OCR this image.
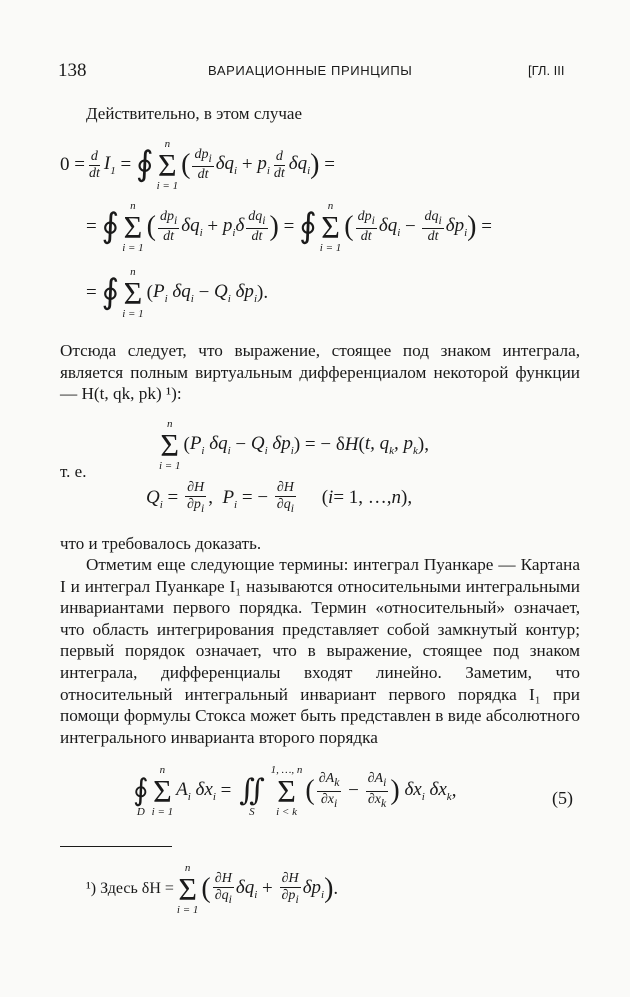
138	ВАРИАЦИОННЫЕ ПРИНЦИПЫ	[ГЛ. III
Действительно, в этом случае
$0 = \frac{d}{dt} I_1$ = ∮
n
Σ
i = 1
( $\frac{dp_i}{dt} \delta q_i + p_i \frac{d}{dt} \delta q_i$ ) =
= ∮
n
Σ
i = 1
( $\frac{dp_i}{dt} \delta q_i + p_i\delta \frac{dq_i}{dt}$ ) = ∮
n
Σ
i = 1
( $\frac{dp_i}{dt} \delta q_i - \frac{dq_i}{dt} \delta p_i$ ) =
= ∮
n
Σ
i = 1
( $P_i$ $\delta q_i - Q_i$ $\delta p_i$ ).
Отсюда следует, что выражение, стоящее под знаком интеграла, является полным виртуальным дифференциалом некоторой функции — H(t, qk, pk) ¹):
n
Σ
i = 1
( $P_i$ $\delta q_i - Q_i$ $\delta p_i$ ) = − δ H ( t, $q_k$, $p_k$ ),
т. е.
$Q_i = \frac{\partial H}{\partial p_i}$ , $P_i$ = − $\frac{\partial H}{\partial q_i}$ ( i = 1, …, n ),
что и требовалось доказать.
Отметим еще следующие термины: интеграл Пуанкаре — Картана I и интеграл Пуанкаре I₁ называются относительными интегральными инвариантами первого порядка. Термин «относительный» означает, что область интегрирования представляет собой замкнутый контур; первый порядок означает, что в выражение, стоящее под знаком интеграла, дифференциалы входят линейно. Заметим, что относительный интегральный инвариант первого порядка I₁ при помощи формулы Стокса может быть представлен в виде абсолютного интегрального инварианта второго порядка

∮
D
n
Σ
i = 1
$A_i$ $\delta x_i$ =
∬
S
1, …, n
Σ
i < k
( $\frac{\partial A_k}{\partial x_i} - \frac{\partial A_i}{\partial x_k}$ ) $\delta x_i$ $\delta x_k$ ,	(5)
¹) Здесь δH =
n
Σ
i = 1
( $\frac{\partial H}{\partial q_i} \delta q_i + \frac{\partial H}{\partial p_i} \delta p_i$ ) .
